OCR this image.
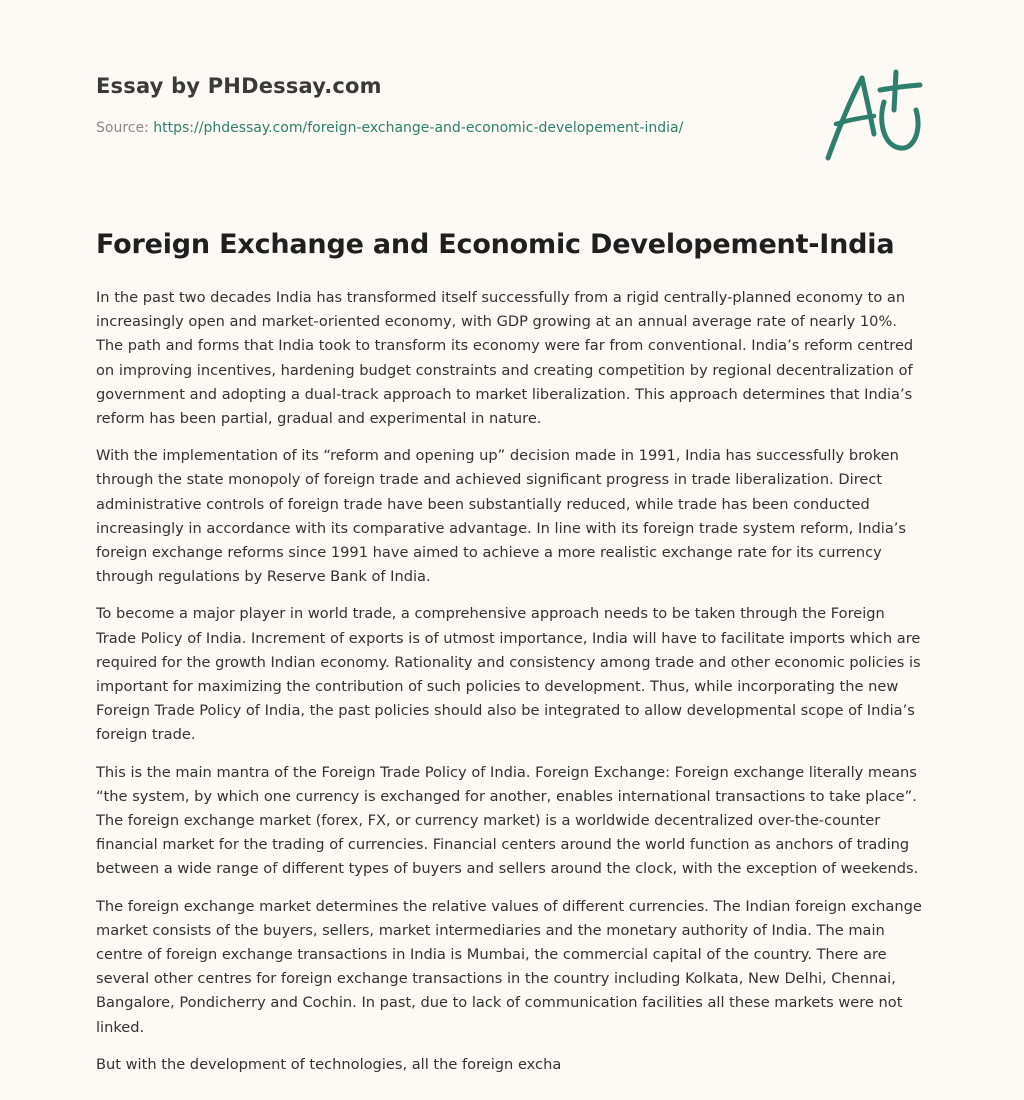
Essay by PHDessay.com
Source: https://phdessay.com/foreign-exchange-and-economic-developement-india/
Foreign Exchange and Economic Developement-India

In the past two decades India has transformed itself successfully from a rigid centrally-planned economy to an increasingly open and market-oriented economy, with GDP growing at an annual average rate of nearly 10%. The path and forms that India took to transform its economy were far from conventional. India’s reform centred on improving incentives, hardening budget constraints and creating competition by regional decentralization of government and adopting a dual-track approach to market liberalization. This approach determines that India’s reform has been partial, gradual and experimental in nature.

With the implementation of its “reform and opening up” decision made in 1991, India has successfully broken through the state monopoly of foreign trade and achieved significant progress in trade liberalization. Direct administrative controls of foreign trade have been substantially reduced, while trade has been conducted increasingly in accordance with its comparative advantage. In line with its foreign trade system reform, India’s foreign exchange reforms since 1991 have aimed to achieve a more realistic exchange rate for its currency through regulations by Reserve Bank of India.

To become a major player in world trade, a comprehensive approach needs to be taken through the Foreign Trade Policy of India. Increment of exports is of utmost importance, India will have to facilitate imports which are required for the growth Indian economy. Rationality and consistency among trade and other economic policies is important for maximizing the contribution of such policies to development. Thus, while incorporating the new Foreign Trade Policy of India, the past policies should also be integrated to allow developmental scope of India’s foreign trade.

This is the main mantra of the Foreign Trade Policy of India. Foreign Exchange: Foreign exchange literally means “the system, by which one currency is exchanged for another, enables international transactions to take place”. The foreign exchange market (forex, FX, or currency market) is a worldwide decentralized over-the-counter financial market for the trading of currencies. Financial centers around the world function as anchors of trading between a wide range of different types of buyers and sellers around the clock, with the exception of weekends.

The foreign exchange market determines the relative values of different currencies. The Indian foreign exchange market consists of the buyers, sellers, market intermediaries and the monetary authority of India. The main centre of foreign exchange transactions in India is Mumbai, the commercial capital of the country. There are several other centres for foreign exchange transactions in the country including Kolkata, New Delhi, Chennai, Bangalore, Pondicherry and Cochin. In past, due to lack of communication facilities all these markets were not linked.

But with the development of technologies, all the foreign excha
